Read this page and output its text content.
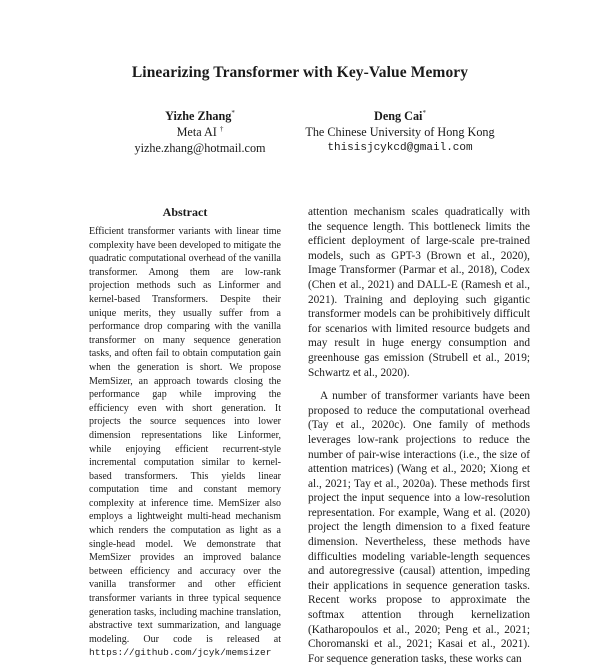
Linearizing Transformer with Key-Value Memory
Yizhe Zhang*
Meta AI †
yizhe.zhang@hotmail.com
Deng Cai*
The Chinese University of Hong Kong
thisisjcykcd@gmail.com
Abstract
Efficient transformer variants with linear time complexity have been developed to mitigate the quadratic computational overhead of the vanilla transformer. Among them are low-rank projection methods such as Linformer and kernel-based Transformers. Despite their unique merits, they usually suffer from a performance drop comparing with the vanilla transformer on many sequence generation tasks, and often fail to obtain computation gain when the generation is short. We propose MemSizer, an approach towards closing the performance gap while improving the efficiency even with short generation. It projects the source sequences into lower dimension representations like Linformer, while enjoying efficient recurrent-style incremental computation similar to kernel-based transformers. This yields linear computation time and constant memory complexity at inference time. MemSizer also employs a lightweight multi-head mechanism which renders the computation as light as a single-head model. We demonstrate that MemSizer provides an improved balance between efficiency and accuracy over the vanilla transformer and other efficient transformer variants in three typical sequence generation tasks, including machine translation, abstractive text summarization, and language modeling. Our code is released at https://github.com/jcyk/memsizer

attention mechanism scales quadratically with the sequence length. This bottleneck limits the efficient deployment of large-scale pre-trained models, such as GPT-3 (Brown et al., 2020), Image Transformer (Parmar et al., 2018), Codex (Chen et al., 2021) and DALL-E (Ramesh et al., 2021). Training and deploying such gigantic transformer models can be prohibitively difficult for scenarios with limited resource budgets and may result in huge energy consumption and greenhouse gas emission (Strubell et al., 2019; Schwartz et al., 2020).

A number of transformer variants have been proposed to reduce the computational overhead (Tay et al., 2020c). One family of methods leverages low-rank projections to reduce the number of pair-wise interactions (i.e., the size of attention matrices) (Wang et al., 2020; Xiong et al., 2021; Tay et al., 2020a). These methods first project the input sequence into a low-resolution representation. For example, Wang et al. (2020) project the length dimension to a fixed feature dimension. Nevertheless, these methods have difficulties modeling variable-length sequences and autoregressive (causal) attention, impeding their applications in sequence generation tasks. Recent works propose to approximate the softmax attention through kernelization (Katharopoulos et al., 2020; Peng et al., 2021; Choromanski et al., 2021; Kasai et al., 2021). For sequence generation tasks, these works can
